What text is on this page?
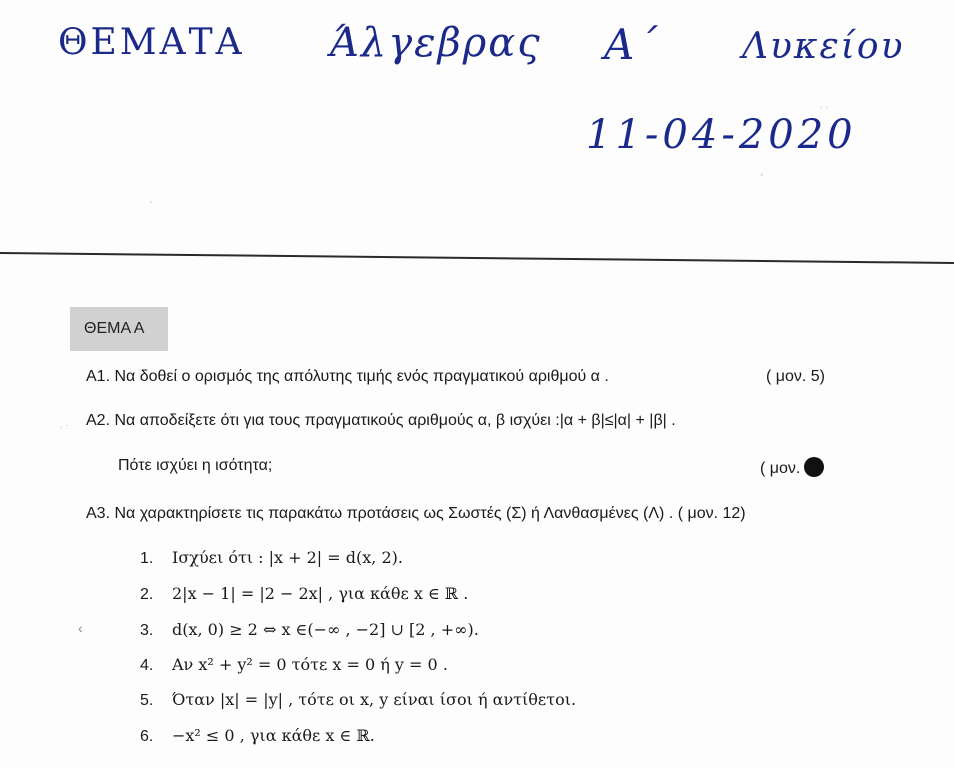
ΘΕΜΑΤΑ Άλγεβρας Α΄ Λυκείου
11-04-2020
'
. .
◦
. ·
‹
ΘΕΜΑ Α
Α1. Να δοθεί ο ορισμός της απόλυτης τιμής ενός πραγματικού αριθμού α .	( μον. 5)
Α2. Να αποδείξετε ότι για τους πραγματικούς αριθμούς α, β ισχύει :|α + β|≤|α| + |β| .
Πότε ισχύει η ισότητα;	( μον.
Α3. Να χαρακτηρίσετε τις παρακάτω προτάσεις ως Σωστές (Σ) ή Λανθασμένες (Λ) . ( μον. 12)
1. Ισχύει ότι : |x + 2| = d(x, 2).
2. 2|x − 1| = |2 − 2x| , για κάθε x ∈ ℝ .
3. d(x, 0) ≥ 2 ⇔ x ∈(−∞ , −2] ∪ [2 , +∞).
4. Αν x² + y² = 0 τότε x = 0 ή y = 0 .
5. Όταν |x| = |y| , τότε οι x, y είναι ίσοι ή αντίθετοι.
6. −x² ≤ 0 , για κάθε x ∈ ℝ.
